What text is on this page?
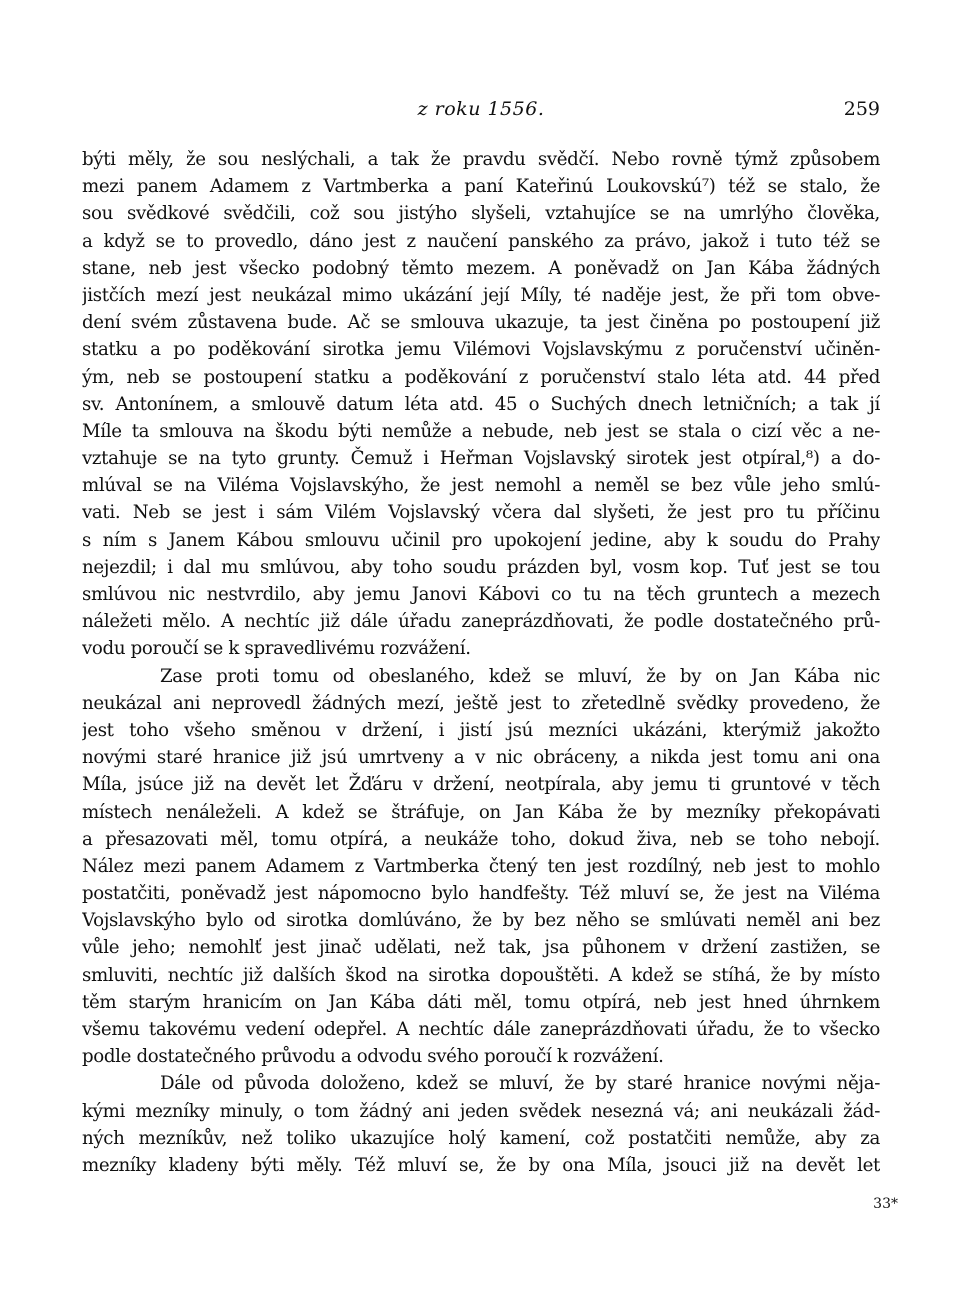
z roku 1556.	259
býti měly, že sou neslýchali, a tak že pravdu svědčí. Nebo rovně týmž způsobem
mezi panem Adamem z Vartmberka a paní Kateřinú Loukovskú⁷) též se stalo, že
sou svědkové svědčili, což sou jistýho slyšeli, vztahujíce se na umrlýho člověka,
a když se to provedlo, dáno jest z naučení panského za právo, jakož i tuto též se
stane, neb jest všecko podobný těmto mezem. A poněvadž on Jan Kába žádných
jistčích mezí jest neukázal mimo ukázání její Míly, té naděje jest, že při tom obve-
dení svém zůstavena bude. Ač se smlouva ukazuje, ta jest činěna po postoupení již
statku a po poděkování sirotka jemu Vilémovi Vojslavskýmu z poručenství učiněn-
ým, neb se postoupení statku a poděkování z poručenství stalo léta atd. 44 před
sv. Antonínem, a smlouvě datum léta atd. 45 o Suchých dnech letničních; a tak jí
Míle ta smlouva na škodu býti nemůže a nebude, neb jest se stala o cizí věc a ne-
vztahuje se na tyto grunty. Čemuž i Heřman Vojslavský sirotek jest otpíral,⁸) a do-
mlúval se na Viléma Vojslavskýho, že jest nemohl a neměl se bez vůle jeho smlú-
vati. Neb se jest i sám Vilém Vojslavský včera dal slyšeti, že jest pro tu příčinu
s ním s Janem Kábou smlouvu učinil pro upokojení jedine, aby k soudu do Prahy
nejezdil; i dal mu smlúvou, aby toho soudu prázden byl, vosm kop. Tuť jest se tou
smlúvou nic nestvrdilo, aby jemu Janovi Kábovi co tu na těch gruntech a mezech
náležeti mělo. A nechtíc již dále úřadu zaneprázdňovati, že podle dostatečného prů-
vodu poroučí se k spravedlivému rozvážení.
Zase proti tomu od obeslaného, kdež se mluví, že by on Jan Kába nic
neukázal ani neprovedl žádných mezí, ještě jest to zřetedlně svědky provedeno, že
jest toho všeho směnou v držení, i jistí jsú mezníci ukázáni, kterýmiž jakožto
novými staré hranice již jsú umrtveny a v nic obráceny, a nikda jest tomu ani ona
Míla, jsúce již na devět let Žďáru v držení, neotpírala, aby jemu ti gruntové v těch
místech nenáleželi. A kdež se štráfuje, on Jan Kába že by mezníky překopávati
a přesazovati měl, tomu otpírá, a neukáže toho, dokud živa, neb se toho nebojí.
Nález mezi panem Adamem z Vartmberka čtený ten jest rozdílný, neb jest to mohlo
postatčiti, poněvadž jest nápomocno bylo handfešty. Též mluví se, že jest na Viléma
Vojslavskýho bylo od sirotka domlúváno, že by bez něho se smlúvati neměl ani bez
vůle jeho; nemohlť jest jinač udělati, než tak, jsa půhonem v držení zastižen, se
smluviti, nechtíc již dalších škod na sirotka dopouštěti. A kdež se stíhá, že by místo
těm starým hranicím on Jan Kába dáti měl, tomu otpírá, neb jest hned úhrnkem
všemu takovému vedení odepřel. A nechtíc dále zaneprázdňovati úřadu, že to všecko
podle dostatečného průvodu a odvodu svého poroučí k rozvážení.
Dále od původa doloženo, kdež se mluví, že by staré hranice novými něja-
kými mezníky minuly, o tom žádný ani jeden svědek nesezná vá; ani neukázali žád-
ných mezníkův, než toliko ukazujíce holý kamení, což postatčiti nemůže, aby za
mezníky kladeny býti měly. Též mluví se, že by ona Míla, jsouci již na devět let
33*
